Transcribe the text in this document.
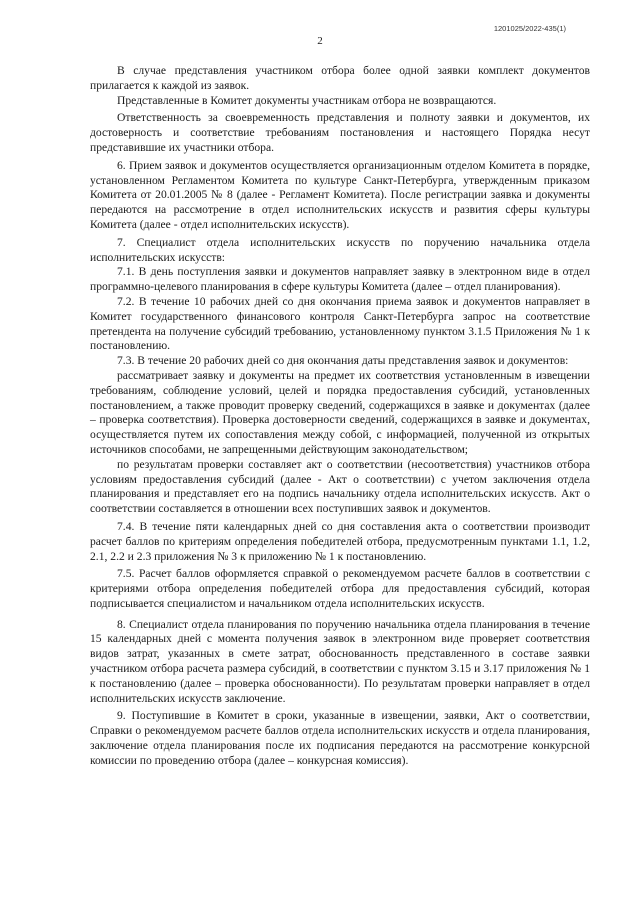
1201025/2022-435(1)
2

В случае представления участником отбора более одной заявки комплект документов прилагается к каждой из заявок.

Представленные в Комитет документы участникам отбора не возвращаются.

Ответственность за своевременность представления и полноту заявки и документов, их достоверность и соответствие требованиям постановления и настоящего Порядка несут представившие их участники отбора.

6. Прием заявок и документов осуществляется организационным отделом Комитета в порядке, установленном Регламентом Комитета по культуре Санкт-Петербурга, утвержденным приказом Комитета от 20.01.2005 № 8 (далее - Регламент Комитета). После регистрации заявка и документы передаются на рассмотрение в отдел исполнительских искусств и развития сферы культуры Комитета (далее - отдел исполнительских искусств).

7. Специалист отдела исполнительских искусств по поручению начальника отдела исполнительских искусств:

7.1. В день поступления заявки и документов направляет заявку в электронном виде в отдел программно-целевого планирования в сфере культуры Комитета (далее – отдел планирования).

7.2. В течение 10 рабочих дней со дня окончания приема заявок и документов направляет в Комитет государственного финансового контроля Санкт-Петербурга запрос на соответствие претендента на получение субсидий требованию, установленному пунктом 3.1.5 Приложения № 1 к постановлению.

7.3. В течение 20 рабочих дней со дня окончания даты представления заявок и документов:

рассматривает заявку и документы на предмет их соответствия установленным в извещении требованиям, соблюдение условий, целей и порядка предоставления субсидий, установленных постановлением, а также проводит проверку сведений, содержащихся в заявке и документах (далее – проверка соответствия). Проверка достоверности сведений, содержащихся в заявке и документах, осуществляется путем их сопоставления между собой, с информацией, полученной из открытых источников способами, не запрещенными действующим законодательством;

по результатам проверки составляет акт о соответствии (несоответствия) участников отбора условиям предоставления субсидий (далее - Акт о соответствии) с учетом заключения отдела планирования и представляет его на подпись начальнику отдела исполнительских искусств. Акт о соответствии составляется в отношении всех поступивших заявок и документов.

7.4. В течение пяти календарных дней со дня составления акта о соответствии производит расчет баллов по критериям определения победителей отбора, предусмотренным пунктами 1.1, 1.2, 2.1, 2.2 и 2.3 приложения № 3 к приложению № 1 к постановлению.

7.5. Расчет баллов оформляется справкой о рекомендуемом расчете баллов в соответствии с критериями отбора определения победителей отбора для предоставления субсидий, которая подписывается специалистом и начальником отдела исполнительских искусств.

8. Специалист отдела планирования по поручению начальника отдела планирования в течение 15 календарных дней с момента получения заявок в электронном виде проверяет соответствия видов затрат, указанных в смете затрат, обоснованность представленного в составе заявки участником отбора расчета размера субсидий, в соответствии с пунктом 3.15 и 3.17 приложения № 1 к постановлению (далее – проверка обоснованности). По результатам проверки направляет в отдел исполнительских искусств заключение.

9. Поступившие в Комитет в сроки, указанные в извещении, заявки, Акт о соответствии, Справки о рекомендуемом расчете баллов отдела исполнительских искусств и отдела планирования, заключение отдела планирования после их подписания передаются на рассмотрение конкурсной комиссии по проведению отбора (далее – конкурсная комиссия).
